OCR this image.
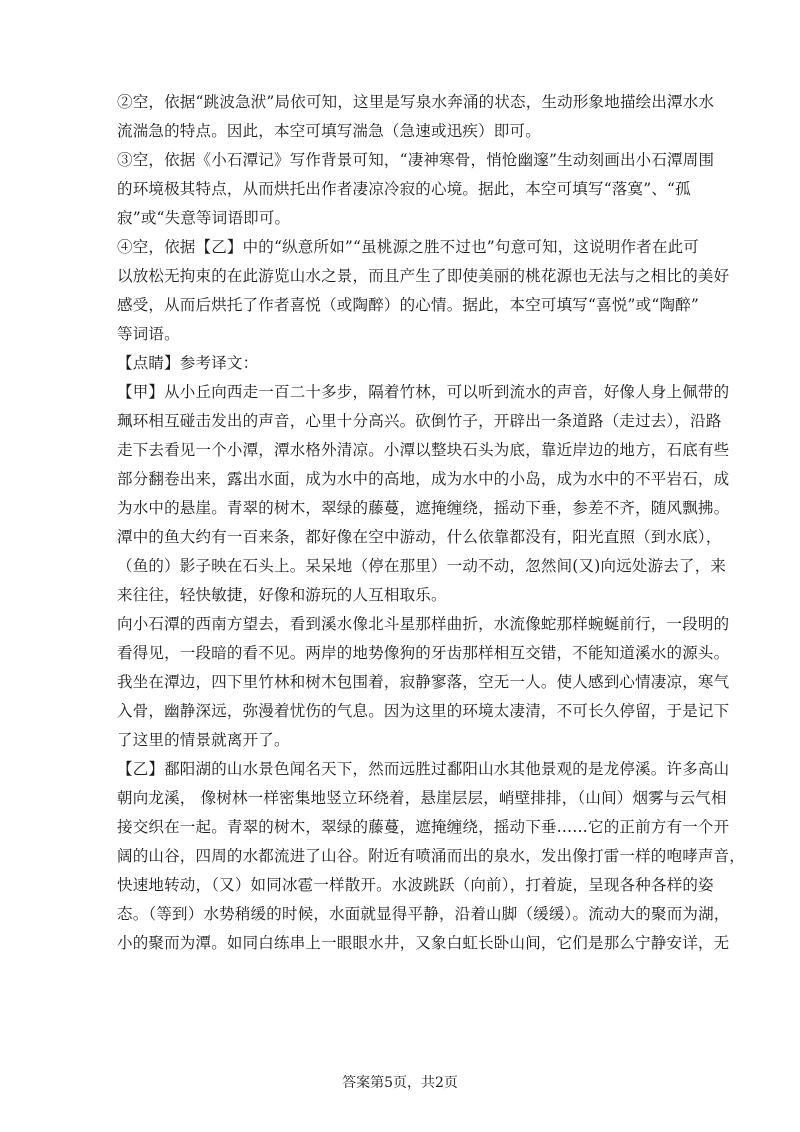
②空，依据“跳波急洑”局依可知，这里是写泉水奔涌的状态，生动形象地描绘出潭水水
流湍急的特点。因此，本空可填写湍急（急速或迅疾）即可。
③空，依据《小石潭记》写作背景可知，“凄神寒骨，悄怆幽邃”生动刻画出小石潭周围
的环境极其特点，从而烘托出作者凄凉冷寂的心境。据此，本空可填写“落寞”、“孤
寂”或“失意等词语即可。
④空，依据【乙】中的“纵意所如”“虽桃源之胜不过也”句意可知，这说明作者在此可
以放松无拘束的在此游览山水之景，而且产生了即使美丽的桃花源也无法与之相比的美好
感受，从而后烘托了作者喜悦（或陶醉）的心情。据此，本空可填写“喜悦”或“陶醉”
等词语。
【点睛】参考译文：
【甲】从小丘向西走一百二十多步，隔着竹林，可以听到流水的声音，好像人身上佩带的
珮环相互碰击发出的声音，心里十分高兴。砍倒竹子，开辟出一条道路（走过去），沿路
走下去看见一个小潭，潭水格外清凉。小潭以整块石头为底，靠近岸边的地方，石底有些
部分翻卷出来，露出水面，成为水中的高地，成为水中的小岛，成为水中的不平岩石，成
为水中的悬崖。青翠的树木，翠绿的藤蔓，遮掩缠绕，摇动下垂，参差不齐，随风飘拂。
潭中的鱼大约有一百来条，都好像在空中游动，什么依靠都没有，阳光直照（到水底），
（鱼的）影子映在石头上。呆呆地（停在那里）一动不动，忽然间(又)向远处游去了，来
来往往，轻快敏捷，好像和游玩的人互相取乐。
向小石潭的西南方望去，看到溪水像北斗星那样曲折，水流像蛇那样蜿蜒前行，一段明的
看得见，一段暗的看不见。两岸的地势像狗的牙齿那样相互交错，不能知道溪水的源头。
我坐在潭边，四下里竹林和树木包围着，寂静寥落，空无一人。使人感到心情凄凉，寒气
入骨，幽静深远，弥漫着忧伤的气息。因为这里的环境太凄清，不可长久停留，于是记下
了这里的情景就离开了。
【乙】鄱阳湖的山水景色闻名天下，然而远胜过鄱阳山水其他景观的是龙停溪。许多高山
朝向龙溪， 像树林一样密集地竖立环绕着，悬崖层层，峭壁排排，（山间）烟雾与云气相
接交织在一起。青翠的树木，翠绿的藤蔓，遮掩缠绕，摇动下垂……它的正前方有一个开
阔的山谷，四周的水都流进了山谷。附近有喷涌而出的泉水，发出像打雷一样的咆哮声音，
快速地转动，（又）如同冰雹一样散开。水波跳跃（向前），打着旋，呈现各种各样的姿
态。（等到）水势稍缓的时候，水面就显得平静，沿着山脚（缓缓）。流动大的聚而为湖，
小的聚而为潭。如同白练串上一眼眼水井，又象白虹长卧山间，它们是那么宁静安详，无
答案第5页，共2页
